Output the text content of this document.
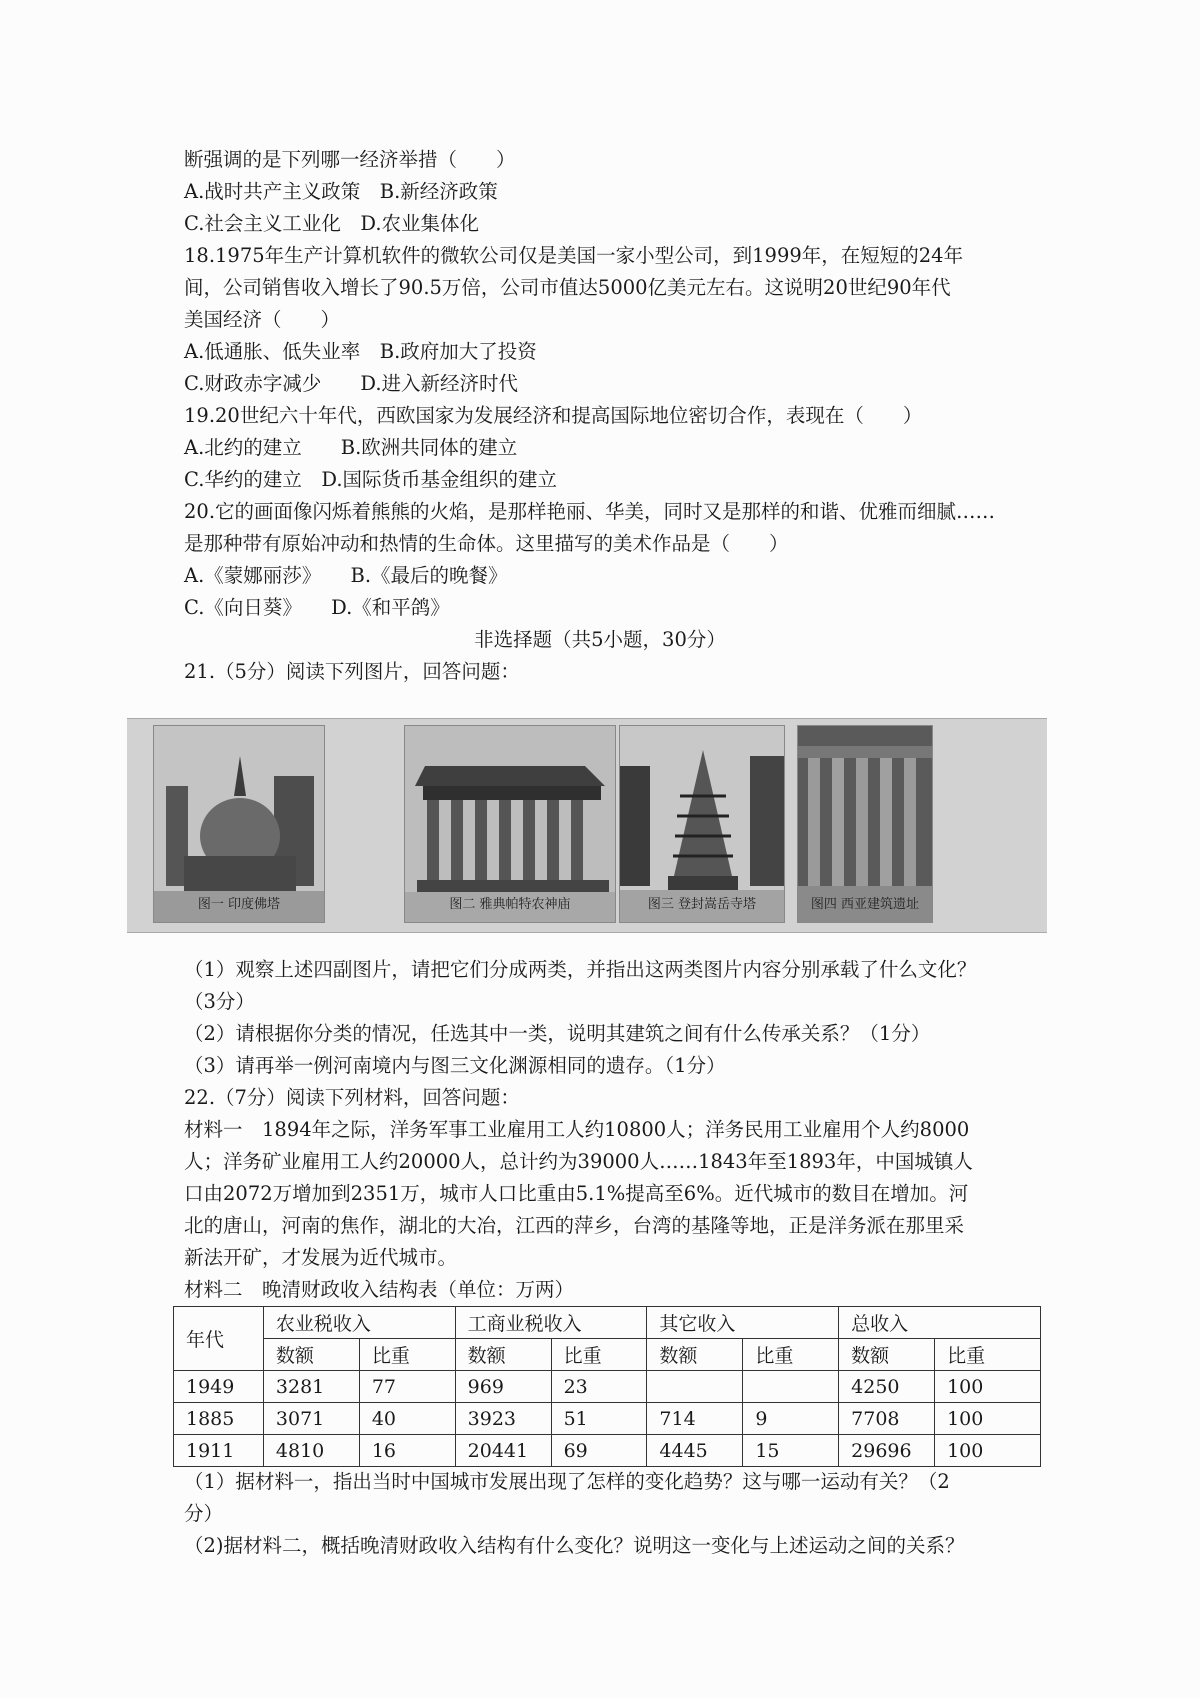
断强调的是下列哪一经济举措（　　）
A.战时共产主义政策　B.新经济政策
C.社会主义工业化　D.农业集体化
18.1975年生产计算机软件的微软公司仅是美国一家小型公司，到1999年，在短短的24年
间，公司销售收入增长了90.5万倍，公司市值达5000亿美元左右。这说明20世纪90年代
美国经济（　　）
A.低通胀、低失业率　B.政府加大了投资
C.财政赤字减少　　D.进入新经济时代
19.20世纪六十年代，西欧国家为发展经济和提高国际地位密切合作，表现在（　　）
A.北约的建立　　B.欧洲共同体的建立
C.华约的建立　D.国际货币基金组织的建立
20.它的画面像闪烁着熊熊的火焰，是那样艳丽、华美，同时又是那样的和谐、优雅而细腻……
是那种带有原始冲动和热情的生命体。这里描写的美术作品是（　　）
A.《蒙娜丽莎》　　B.《最后的晚餐》
C.《向日葵》　　D.《和平鸽》
非选择题（共5小题，30分）
21.（5分）阅读下列图片，回答问题：
图一 印度佛塔	图二 雅典帕特农神庙	图三 登封嵩岳寺塔	图四 西亚建筑遗址
（1）观察上述四副图片，请把它们分成两类，并指出这两类图片内容分别承载了什么文化？
（3分）
（2）请根据你分类的情况，任选其中一类，说明其建筑之间有什么传承关系？（1分）
（3）请再举一例河南境内与图三文化渊源相同的遗存。（1分）
22.（7分）阅读下列材料，回答问题：
材料一　1894年之际，洋务军事工业雇用工人约10800人；洋务民用工业雇用个人约8000
人；洋务矿业雇用工人约20000人，总计约为39000人……1843年至1893年，中国城镇人
口由2072万增加到2351万，城市人口比重由5.1%提高至6%。近代城市的数目在增加。河
北的唐山，河南的焦作，湖北的大冶，江西的萍乡，台湾的基隆等地，正是洋务派在那里采
新法开矿，才发展为近代城市。
材料二　晚清财政收入结构表（单位：万两）
年代	农业税收入		工商业税收入		其它收入		总收入	
	数额	比重	数额	比重	数额	比重	数额	比重
1949	3281	77	969	23			4250	100
1885	3071	40	3923	51	714	9	7708	100
1911	4810	16	20441	69	4445	15	29696	100
（1）据材料一，指出当时中国城市发展出现了怎样的变化趋势？这与哪一运动有关？（2
分）
（2)据材料二，概括晚清财政收入结构有什么变化？说明这一变化与上述运动之间的关系？
